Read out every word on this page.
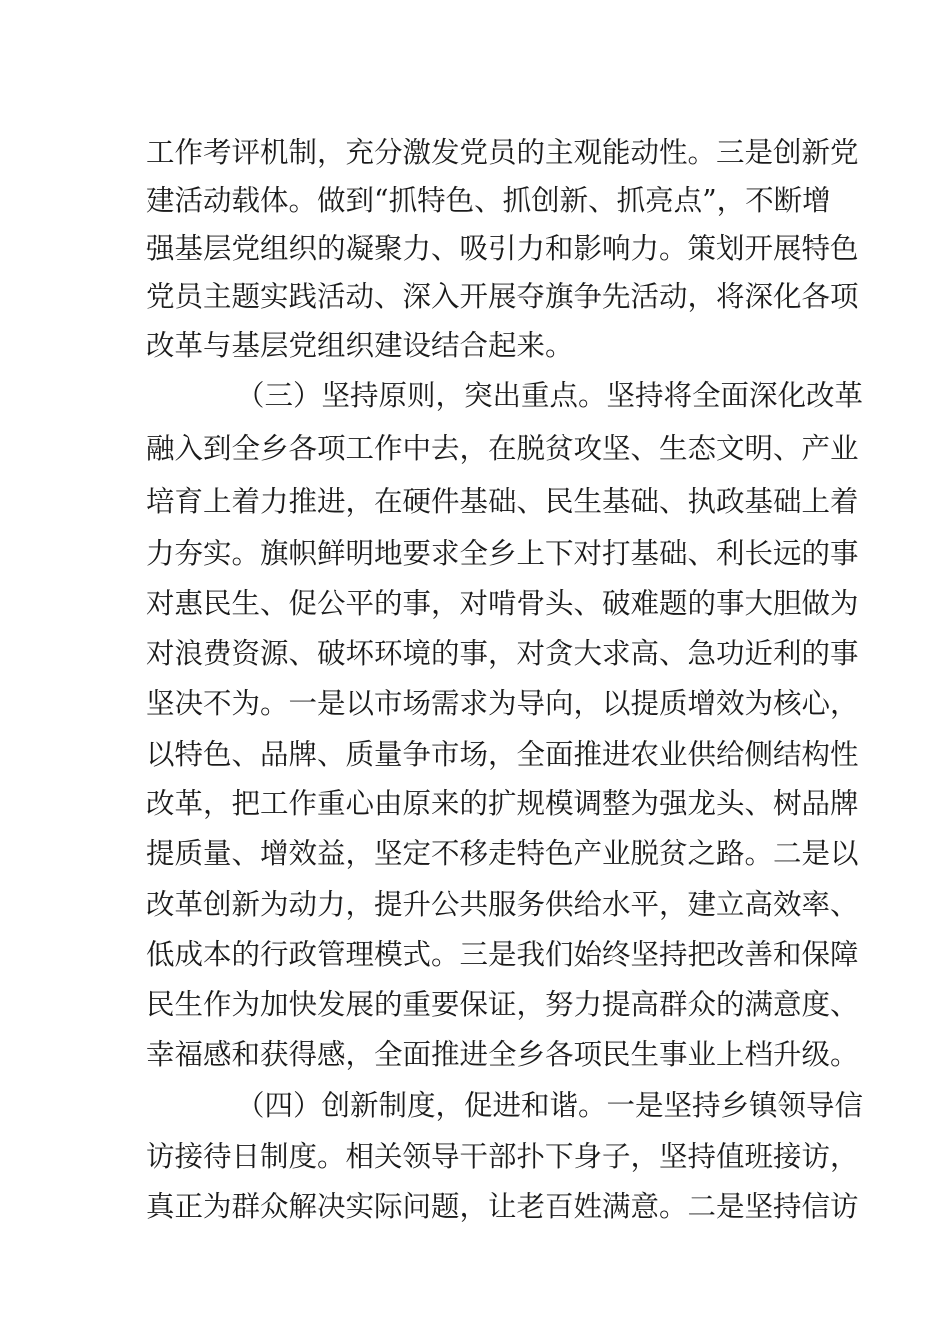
工作考评机制，充分激发党员的主观能动性。三是创新党
建活动载体。做到“抓特色、抓创新、抓亮点”，不断增
强基层党组织的凝聚力、吸引力和影响力。策划开展特色
党员主题实践活动、深入开展夺旗争先活动，将深化各项
改革与基层党组织建设结合起来。
（三）坚持原则，突出重点。坚持将全面深化改革
融入到全乡各项工作中去，在脱贫攻坚、生态文明、产业
培育上着力推进，在硬件基础、民生基础、执政基础上着
力夯实。旗帜鲜明地要求全乡上下对打基础、利长远的事
对惠民生、促公平的事，对啃骨头、破难题的事大胆做为
对浪费资源、破坏环境的事，对贪大求高、急功近利的事
坚决不为。一是以市场需求为导向，以提质增效为核心，
以特色、品牌、质量争市场，全面推进农业供给侧结构性
改革，把工作重心由原来的扩规模调整为强龙头、树品牌
提质量、增效益，坚定不移走特色产业脱贫之路。二是以
改革创新为动力，提升公共服务供给水平，建立高效率、
低成本的行政管理模式。三是我们始终坚持把改善和保障
民生作为加快发展的重要保证，努力提高群众的满意度、
幸福感和获得感，全面推进全乡各项民生事业上档升级。
（四）创新制度，促进和谐。一是坚持乡镇领导信
访接待日制度。相关领导干部扑下身子，坚持值班接访，
真正为群众解决实际问题，让老百姓满意。二是坚持信访
